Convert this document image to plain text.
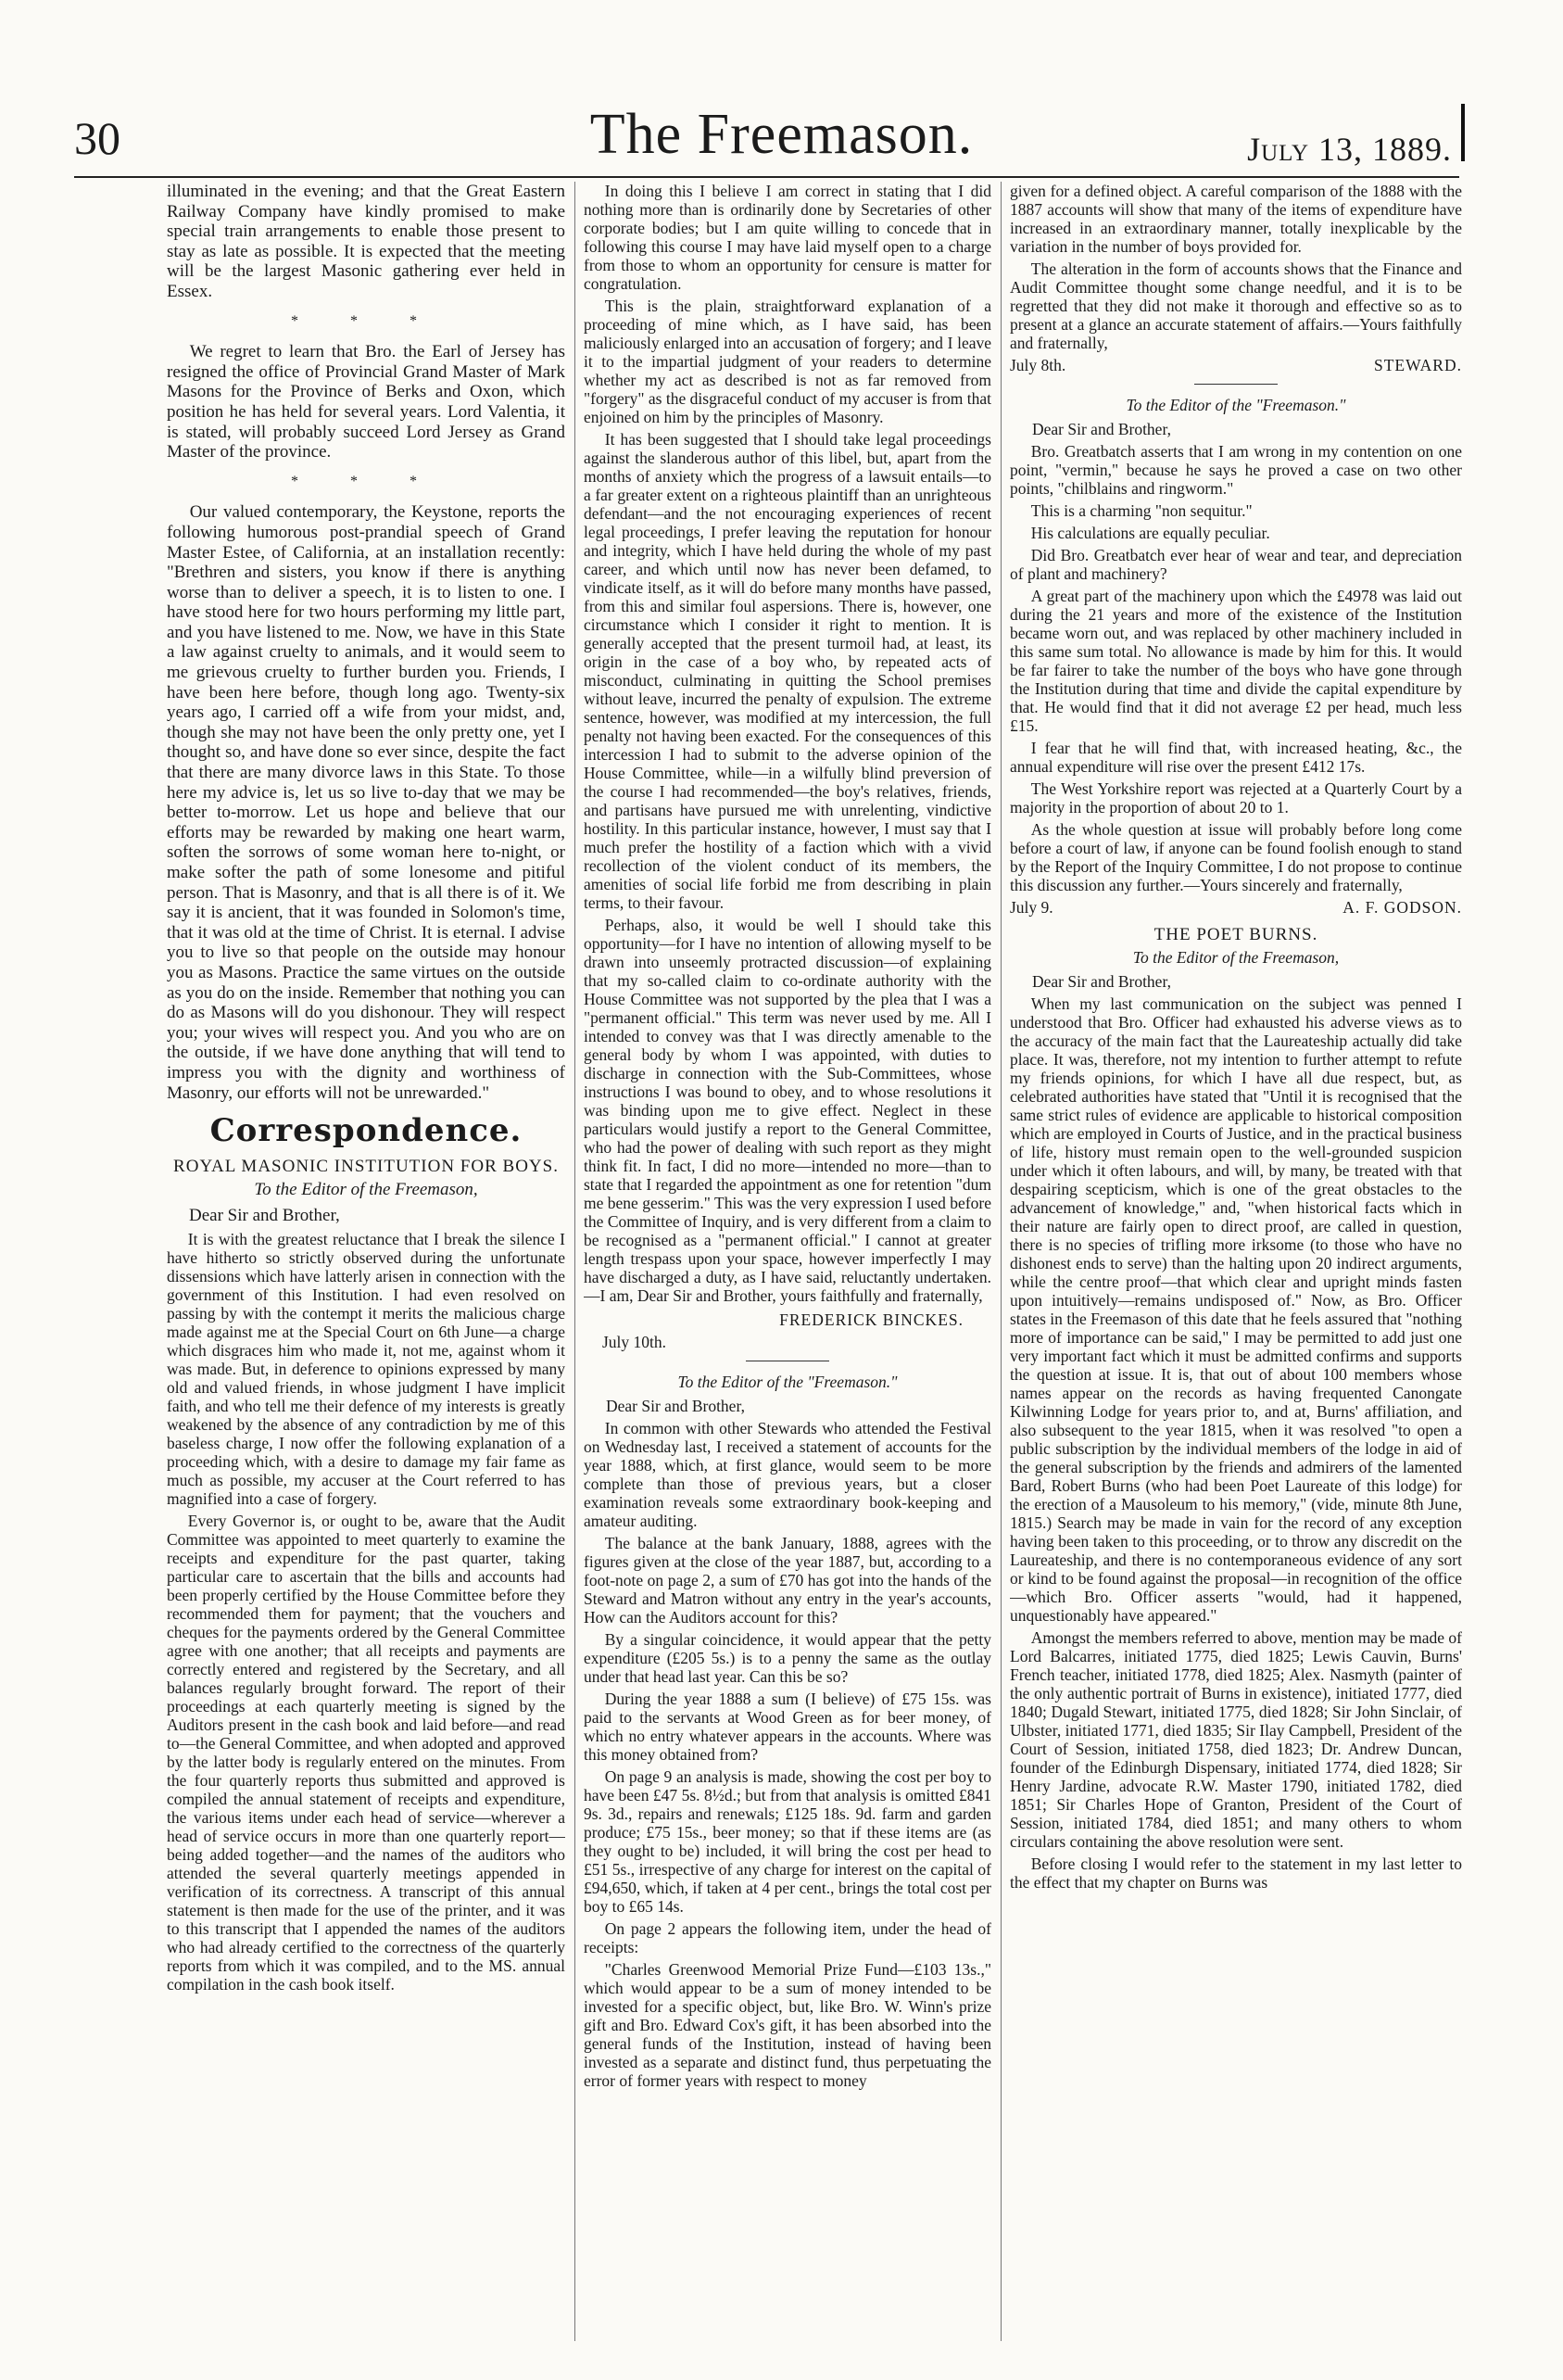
30	The Freemason.	July 13, 1889.

illuminated in the evening; and that the Great Eastern Railway Company have kindly promised to make special train arrangements to enable those present to stay as late as possible. It is expected that the meeting will be the largest Masonic gathering ever held in Essex.

* * *

We regret to learn that Bro. the Earl of Jersey has resigned the office of Provincial Grand Master of Mark Masons for the Province of Berks and Oxon, which position he has held for several years. Lord Valentia, it is stated, will probably succeed Lord Jersey as Grand Master of the province.

* * *

Our valued contemporary, the Keystone, reports the following humorous post-prandial speech of Grand Master Estee, of California, at an installation recently: "Brethren and sisters, you know if there is anything worse than to deliver a speech, it is to listen to one. I have stood here for two hours performing my little part, and you have listened to me. Now, we have in this State a law against cruelty to animals, and it would seem to me grievous cruelty to further burden you. Friends, I have been here before, though long ago. Twenty-six years ago, I carried off a wife from your midst, and, though she may not have been the only pretty one, yet I thought so, and have done so ever since, despite the fact that there are many divorce laws in this State. To those here my advice is, let us so live to-day that we may be better to-morrow. Let us hope and believe that our efforts may be rewarded by making one heart warm, soften the sorrows of some woman here to-night, or make softer the path of some lonesome and pitiful person. That is Masonry, and that is all there is of it. We say it is ancient, that it was founded in Solomon's time, that it was old at the time of Christ. It is eternal. I advise you to live so that people on the outside may honour you as Masons. Practice the same virtues on the outside as you do on the inside. Remember that nothing you can do as Masons will do you dishonour. They will respect you; your wives will respect you. And you who are on the outside, if we have done anything that will tend to impress you with the dignity and worthiness of Masonry, our efforts will not be unrewarded."

Correspondence.
ROYAL MASONIC INSTITUTION FOR BOYS.
To the Editor of the Freemason,
Dear Sir and Brother,

It is with the greatest reluctance that I break the silence I have hitherto so strictly observed during the unfortunate dissensions which have latterly arisen in connection with the government of this Institution. I had even resolved on passing by with the contempt it merits the malicious charge made against me at the Special Court on 6th June—a charge which disgraces him who made it, not me, against whom it was made. But, in deference to opinions expressed by many old and valued friends, in whose judgment I have implicit faith, and who tell me their defence of my interests is greatly weakened by the absence of any contradiction by me of this baseless charge, I now offer the following explanation of a proceeding which, with a desire to damage my fair fame as much as possible, my accuser at the Court referred to has magnified into a case of forgery.

Every Governor is, or ought to be, aware that the Audit Committee was appointed to meet quarterly to examine the receipts and expenditure for the past quarter, taking particular care to ascertain that the bills and accounts had been properly certified by the House Committee before they recommended them for payment; that the vouchers and cheques for the payments ordered by the General Committee agree with one another; that all receipts and payments are correctly entered and registered by the Secretary, and all balances regularly brought forward. The report of their proceedings at each quarterly meeting is signed by the Auditors present in the cash book and laid before—and read to—the General Committee, and when adopted and approved by the latter body is regularly entered on the minutes. From the four quarterly reports thus submitted and approved is compiled the annual statement of receipts and expenditure, the various items under each head of service—wherever a head of service occurs in more than one quarterly report—being added together—and the names of the auditors who attended the several quarterly meetings appended in verification of its correctness. A transcript of this annual statement is then made for the use of the printer, and it was to this transcript that I appended the names of the auditors who had already certified to the correctness of the quarterly reports from which it was compiled, and to the MS. annual compilation in the cash book itself.

In doing this I believe I am correct in stating that I did nothing more than is ordinarily done by Secretaries of other corporate bodies; but I am quite willing to concede that in following this course I may have laid myself open to a charge from those to whom an opportunity for censure is matter for congratulation.

This is the plain, straightforward explanation of a proceeding of mine which, as I have said, has been maliciously enlarged into an accusation of forgery; and I leave it to the impartial judgment of your readers to determine whether my act as described is not as far removed from "forgery" as the disgraceful conduct of my accuser is from that enjoined on him by the principles of Masonry.

It has been suggested that I should take legal proceedings against the slanderous author of this libel, but, apart from the months of anxiety which the progress of a lawsuit entails—to a far greater extent on a righteous plaintiff than an unrighteous defendant—and the not encouraging experiences of recent legal proceedings, I prefer leaving the reputation for honour and integrity, which I have held during the whole of my past career, and which until now has never been defamed, to vindicate itself, as it will do before many months have passed, from this and similar foul aspersions. There is, however, one circumstance which I consider it right to mention. It is generally accepted that the present turmoil had, at least, its origin in the case of a boy who, by repeated acts of misconduct, culminating in quitting the School premises without leave, incurred the penalty of expulsion. The extreme sentence, however, was modified at my intercession, the full penalty not having been exacted. For the consequences of this intercession I had to submit to the adverse opinion of the House Committee, while—in a wilfully blind preversion of the course I had recommended—the boy's relatives, friends, and partisans have pursued me with unrelenting, vindictive hostility. In this particular instance, however, I must say that I much prefer the hostility of a faction which with a vivid recollection of the violent conduct of its members, the amenities of social life forbid me from describing in plain terms, to their favour.

Perhaps, also, it would be well I should take this opportunity—for I have no intention of allowing myself to be drawn into unseemly protracted discussion—of explaining that my so-called claim to co-ordinate authority with the House Committee was not supported by the plea that I was a "permanent official." This term was never used by me. All I intended to convey was that I was directly amenable to the general body by whom I was appointed, with duties to discharge in connection with the Sub-Committees, whose instructions I was bound to obey, and to whose resolutions it was binding upon me to give effect. Neglect in these particulars would justify a report to the General Committee, who had the power of dealing with such report as they might think fit. In fact, I did no more—intended no more—than to state that I regarded the appointment as one for retention "dum me bene gesserim." This was the very expression I used before the Committee of Inquiry, and is very different from a claim to be recognised as a "permanent official." I cannot at greater length trespass upon your space, however imperfectly I may have discharged a duty, as I have said, reluctantly undertaken.—I am, Dear Sir and Brother, yours faithfully and fraternally,

FREDERICK BINCKES.
July 10th.
To the Editor of the "Freemason."
Dear Sir and Brother,

In common with other Stewards who attended the Festival on Wednesday last, I received a statement of accounts for the year 1888, which, at first glance, would seem to be more complete than those of previous years, but a closer examination reveals some extraordinary book-keeping and amateur auditing.

The balance at the bank January, 1888, agrees with the figures given at the close of the year 1887, but, according to a foot-note on page 2, a sum of £70 has got into the hands of the Steward and Matron without any entry in the year's accounts, How can the Auditors account for this?

By a singular coincidence, it would appear that the petty expenditure (£205 5s.) is to a penny the same as the outlay under that head last year. Can this be so?

During the year 1888 a sum (I believe) of £75 15s. was paid to the servants at Wood Green as for beer money, of which no entry whatever appears in the accounts. Where was this money obtained from?

On page 9 an analysis is made, showing the cost per boy to have been £47 5s. 8½d.; but from that analysis is omitted £841 9s. 3d., repairs and renewals; £125 18s. 9d. farm and garden produce; £75 15s., beer money; so that if these items are (as they ought to be) included, it will bring the cost per head to £51 5s., irrespective of any charge for interest on the capital of £94,650, which, if taken at 4 per cent., brings the total cost per boy to £65 14s.

On page 2 appears the following item, under the head of receipts:

"Charles Greenwood Memorial Prize Fund—£103 13s.," which would appear to be a sum of money intended to be invested for a specific object, but, like Bro. W. Winn's prize gift and Bro. Edward Cox's gift, it has been absorbed into the general funds of the Institution, instead of having been invested as a separate and distinct fund, thus perpetuating the error of former years with respect to money

given for a defined object. A careful comparison of the 1888 with the 1887 accounts will show that many of the items of expenditure have increased in an extraordinary manner, totally inexplicable by the variation in the number of boys provided for.

The alteration in the form of accounts shows that the Finance and Audit Committee thought some change needful, and it is to be regretted that they did not make it thorough and effective so as to present at a glance an accurate statement of affairs.—Yours faithfully and fraternally,

July 8th.	STEWARD.
To the Editor of the "Freemason."
Dear Sir and Brother,

Bro. Greatbatch asserts that I am wrong in my contention on one point, "vermin," because he says he proved a case on two other points, "chilblains and ringworm."

This is a charming "non sequitur."

His calculations are equally peculiar.

Did Bro. Greatbatch ever hear of wear and tear, and depreciation of plant and machinery?

A great part of the machinery upon which the £4978 was laid out during the 21 years and more of the existence of the Institution became worn out, and was replaced by other machinery included in this same sum total. No allowance is made by him for this. It would be far fairer to take the number of the boys who have gone through the Institution during that time and divide the capital expenditure by that. He would find that it did not average £2 per head, much less £15.

I fear that he will find that, with increased heating, &c., the annual expenditure will rise over the present £412 17s.

The West Yorkshire report was rejected at a Quarterly Court by a majority in the proportion of about 20 to 1.

As the whole question at issue will probably before long come before a court of law, if anyone can be found foolish enough to stand by the Report of the Inquiry Committee, I do not propose to continue this discussion any further.—Yours sincerely and fraternally,

July 9.	A. F. GODSON.
THE POET BURNS.
To the Editor of the Freemason,
Dear Sir and Brother,

When my last communication on the subject was penned I understood that Bro. Officer had exhausted his adverse views as to the accuracy of the main fact that the Laureateship actually did take place. It was, therefore, not my intention to further attempt to refute my friends opinions, for which I have all due respect, but, as celebrated authorities have stated that "Until it is recognised that the same strict rules of evidence are applicable to historical composition which are employed in Courts of Justice, and in the practical business of life, history must remain open to the well-grounded suspicion under which it often labours, and will, by many, be treated with that despairing scepticism, which is one of the great obstacles to the advancement of knowledge," and, "when historical facts which in their nature are fairly open to direct proof, are called in question, there is no species of trifling more irksome (to those who have no dishonest ends to serve) than the halting upon 20 indirect arguments, while the centre proof—that which clear and upright minds fasten upon intuitively—remains undisposed of." Now, as Bro. Officer states in the Freemason of this date that he feels assured that "nothing more of importance can be said," I may be permitted to add just one very important fact which it must be admitted confirms and supports the question at issue. It is, that out of about 100 members whose names appear on the records as having frequented Canongate Kilwinning Lodge for years prior to, and at, Burns' affiliation, and also subsequent to the year 1815, when it was resolved "to open a public subscription by the individual members of the lodge in aid of the general subscription by the friends and admirers of the lamented Bard, Robert Burns (who had been Poet Laureate of this lodge) for the erection of a Mausoleum to his memory," (vide, minute 8th June, 1815.) Search may be made in vain for the record of any exception having been taken to this proceeding, or to throw any discredit on the Laureateship, and there is no contemporaneous evidence of any sort or kind to be found against the proposal—in recognition of the office—which Bro. Officer asserts "would, had it happened, unquestionably have appeared."

Amongst the members referred to above, mention may be made of Lord Balcarres, initiated 1775, died 1825; Lewis Cauvin, Burns' French teacher, initiated 1778, died 1825; Alex. Nasmyth (painter of the only authentic portrait of Burns in existence), initiated 1777, died 1840; Dugald Stewart, initiated 1775, died 1828; Sir John Sinclair, of Ulbster, initiated 1771, died 1835; Sir Ilay Campbell, President of the Court of Session, initiated 1758, died 1823; Dr. Andrew Duncan, founder of the Edinburgh Dispensary, initiated 1774, died 1828; Sir Henry Jardine, advocate R.W. Master 1790, initiated 1782, died 1851; Sir Charles Hope of Granton, President of the Court of Session, initiated 1784, died 1851; and many others to whom circulars containing the above resolution were sent.

Before closing I would refer to the statement in my last letter to the effect that my chapter on Burns was
